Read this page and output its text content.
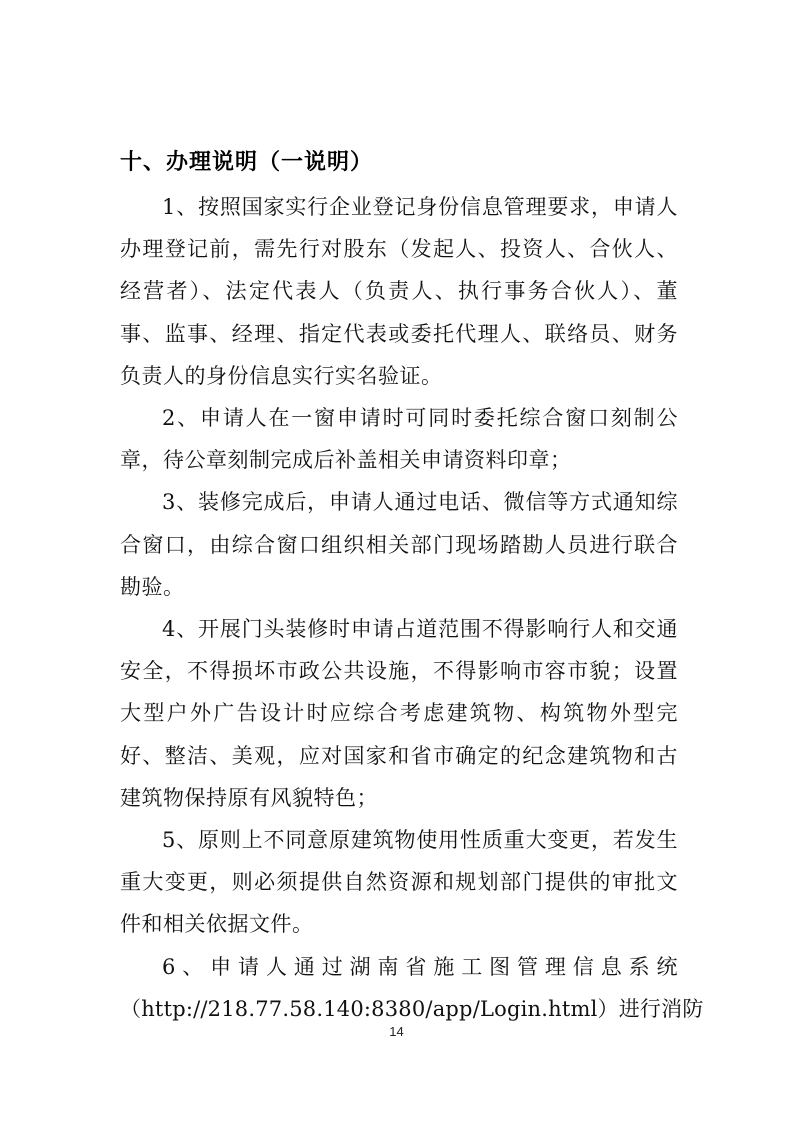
十、办理说明（一说明）

1、按照国家实行企业登记身份信息管理要求，申请人办理登记前，需先行对股东（发起人、投资人、合伙人、经营者）、法定代表人（负责人、执行事务合伙人）、董事、监事、经理、指定代表或委托代理人、联络员、财务负责人的身份信息实行实名验证。

2、申请人在一窗申请时可同时委托综合窗口刻制公章，待公章刻制完成后补盖相关申请资料印章；

3、装修完成后，申请人通过电话、微信等方式通知综合窗口，由综合窗口组织相关部门现场踏勘人员进行联合勘验。

4、开展门头装修时申请占道范围不得影响行人和交通安全，不得损坏市政公共设施，不得影响市容市貌；设置大型户外广告设计时应综合考虑建筑物、构筑物外型完好、整洁、美观，应对国家和省市确定的纪念建筑物和古建筑物保持原有风貌特色；

5、原则上不同意原建筑物使用性质重大变更，若发生重大变更，则必须提供自然资源和规划部门提供的审批文件和相关依据文件。

6、申请人通过湖南省施工图管理信息系统

（http://218.77.58.140:8380/app/Login.html）进行消防

14
